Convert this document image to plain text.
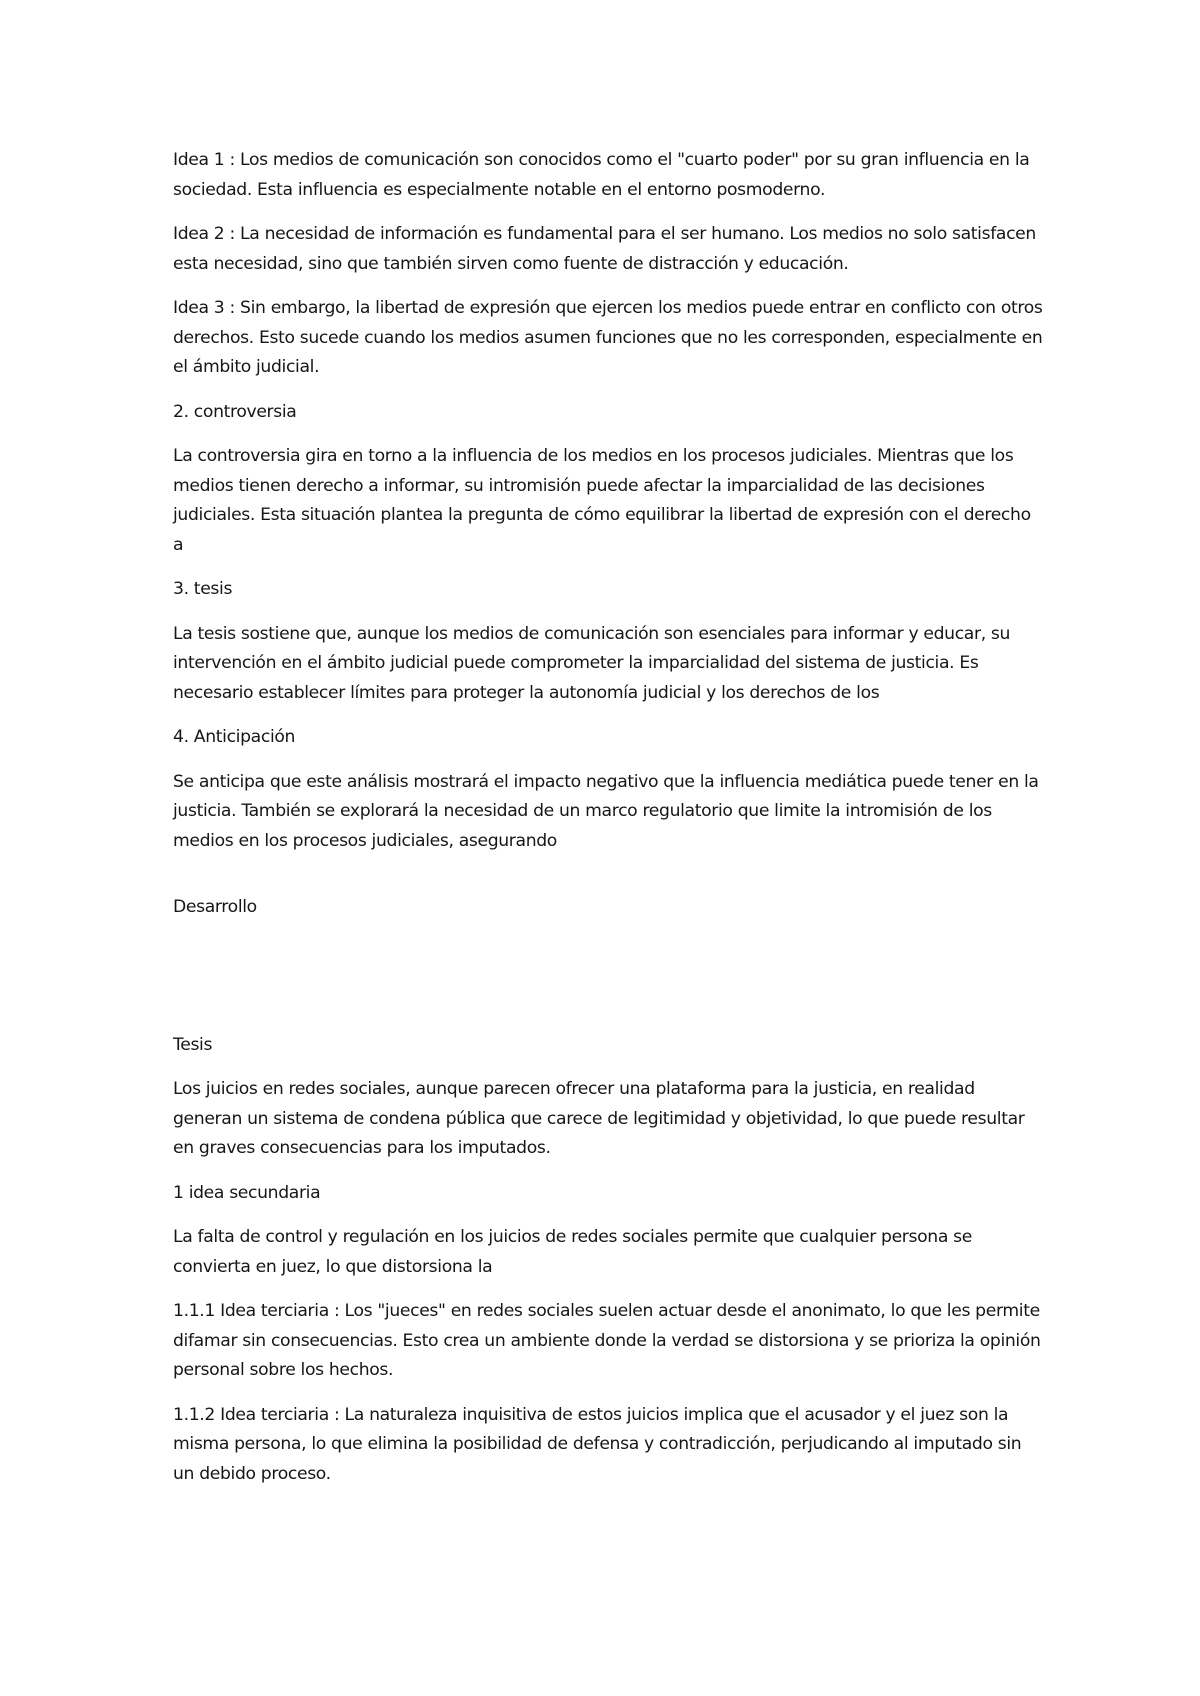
Idea 1 : Los medios de comunicación son conocidos como el "cuarto poder" por su gran influencia en la sociedad. Esta influencia es especialmente notable en el entorno posmoderno.

Idea 2 : La necesidad de información es fundamental para el ser humano. Los medios no solo satisfacen esta necesidad, sino que también sirven como fuente de distracción y educación.

Idea 3 : Sin embargo, la libertad de expresión que ejercen los medios puede entrar en conflicto con otros derechos. Esto sucede cuando los medios asumen funciones que no les corresponden, especialmente en el ámbito judicial.

2. controversia

La controversia gira en torno a la influencia de los medios en los procesos judiciales. Mientras que los medios tienen derecho a informar, su intromisión puede afectar la imparcialidad de las decisiones judiciales. Esta situación plantea la pregunta de cómo equilibrar la libertad de expresión con el derecho a

3. tesis

La tesis sostiene que, aunque los medios de comunicación son esenciales para informar y educar, su intervención en el ámbito judicial puede comprometer la imparcialidad del sistema de justicia. Es necesario establecer límites para proteger la autonomía judicial y los derechos de los

4. Anticipación

Se anticipa que este análisis mostrará el impacto negativo que la influencia mediática puede tener en la justicia. También se explorará la necesidad de un marco regulatorio que limite la intromisión de los medios en los procesos judiciales, asegurando

Desarrollo

Tesis

Los juicios en redes sociales, aunque parecen ofrecer una plataforma para la justicia, en realidad generan un sistema de condena pública que carece de legitimidad y objetividad, lo que puede resultar en graves consecuencias para los imputados.

1 idea secundaria

La falta de control y regulación en los juicios de redes sociales permite que cualquier persona se convierta en juez, lo que distorsiona la

1.1.1 Idea terciaria : Los "jueces" en redes sociales suelen actuar desde el anonimato, lo que les permite difamar sin consecuencias. Esto crea un ambiente donde la verdad se distorsiona y se prioriza la opinión personal sobre los hechos.

1.1.2 Idea terciaria : La naturaleza inquisitiva de estos juicios implica que el acusador y el juez son la misma persona, lo que elimina la posibilidad de defensa y contradicción, perjudicando al imputado sin un debido proceso.
